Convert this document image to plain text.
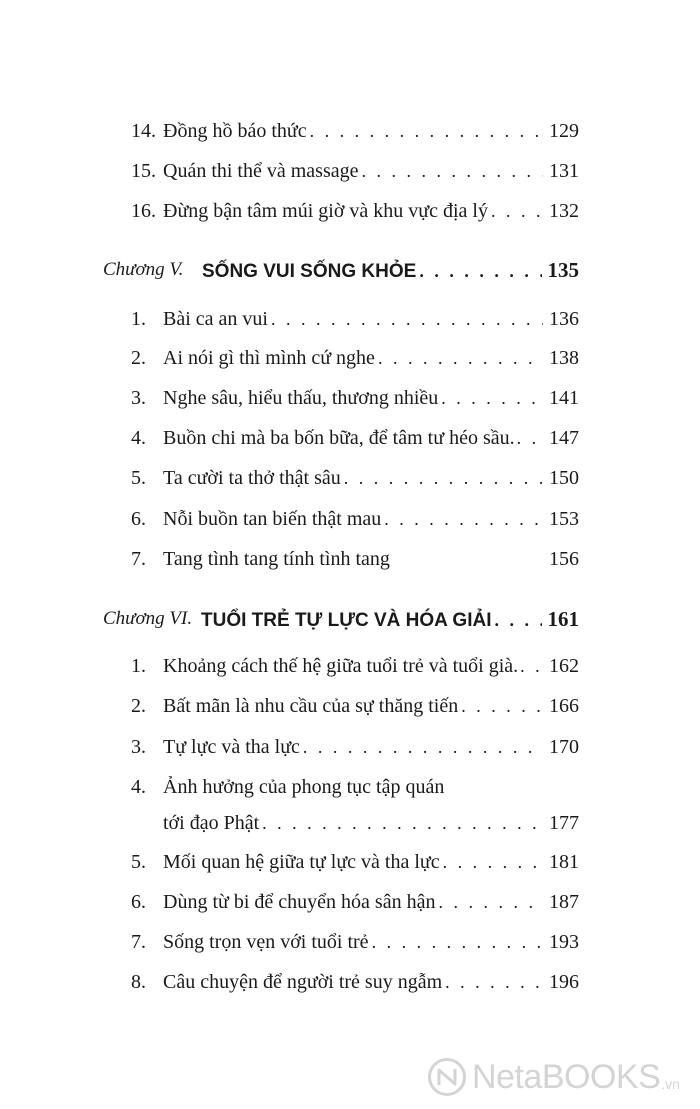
14. Đồng hồ báo thức . . .	129
15. Quán thi thể và massage . . .	131
16. Đừng bận tâm múi giờ và khu vực địa lý . . .	132
Chương V. SỐNG VUI SỐNG KHỎE . . .	135
1. Bài ca an vui . . .	136
2. Ai nói gì thì mình cứ nghe . . .	138
3. Nghe sâu, hiểu thấu, thương nhiều . . .	141
4. Buồn chi mà ba bốn bữa, để tâm tư héo sầu. . . . 147
5. Ta cười ta thở thật sâu . . .	150
6. Nỗi buồn tan biến thật mau . . .	153
7. Tang tình tang tính tình tang	156
Chương VI. TUỔI TRẺ TỰ LỰC VÀ HÓA GIẢI . . .	161
1. Khoảng cách thế hệ giữa tuổi trẻ và tuổi già. . . . 162
2. Bất mãn là nhu cầu của sự thăng tiến . . .	166
3. Tự lực và tha lực . . .	170
4. Ảnh hưởng của phong tục tập quán
tới đạo Phật . . .	177
5. Mối quan hệ giữa tự lực và tha lực . . .	181
6. Dùng từ bi để chuyển hóa sân hận . . .	187
7. Sống trọn vẹn với tuổi trẻ . . .	193
8. Câu chuyện để người trẻ suy ngẫm . . .	196
NetaBOOKS .vn
